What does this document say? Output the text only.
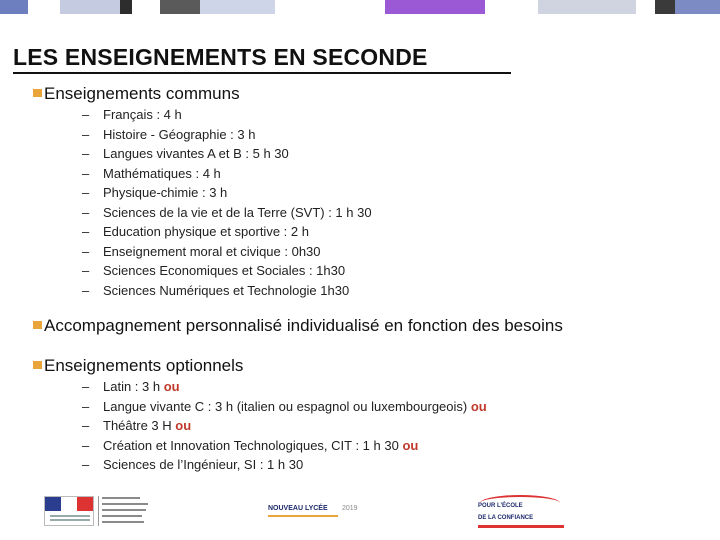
LES ENSEIGNEMENTS EN SECONDE
Enseignements communs
– Français : 4 h
– Histoire - Géographie : 3 h
– Langues vivantes A et B : 5 h 30
– Mathématiques : 4 h
– Physique-chimie : 3 h
– Sciences de la vie et de la Terre (SVT) : 1 h 30
– Education physique et sportive : 2 h
– Enseignement moral et civique : 0h30
– Sciences Economiques et Sociales : 1h30
– Sciences Numériques et Technologie 1h30
Accompagnement personnalisé individualisé en fonction des besoins
Enseignements optionnels
– Latin : 3 h ou
– Langue vivante C : 3 h (italien ou espagnol ou luxembourgeois) ou
– Théâtre 3 H ou
– Création et Innovation Technologiques, CIT : 1 h 30 ou
– Sciences de l’Ingénieur, SI : 1 h 30
NOUVEAU LYCÉE 2019	POUR L’ÉCOLE
DE LA CONFIANCE
